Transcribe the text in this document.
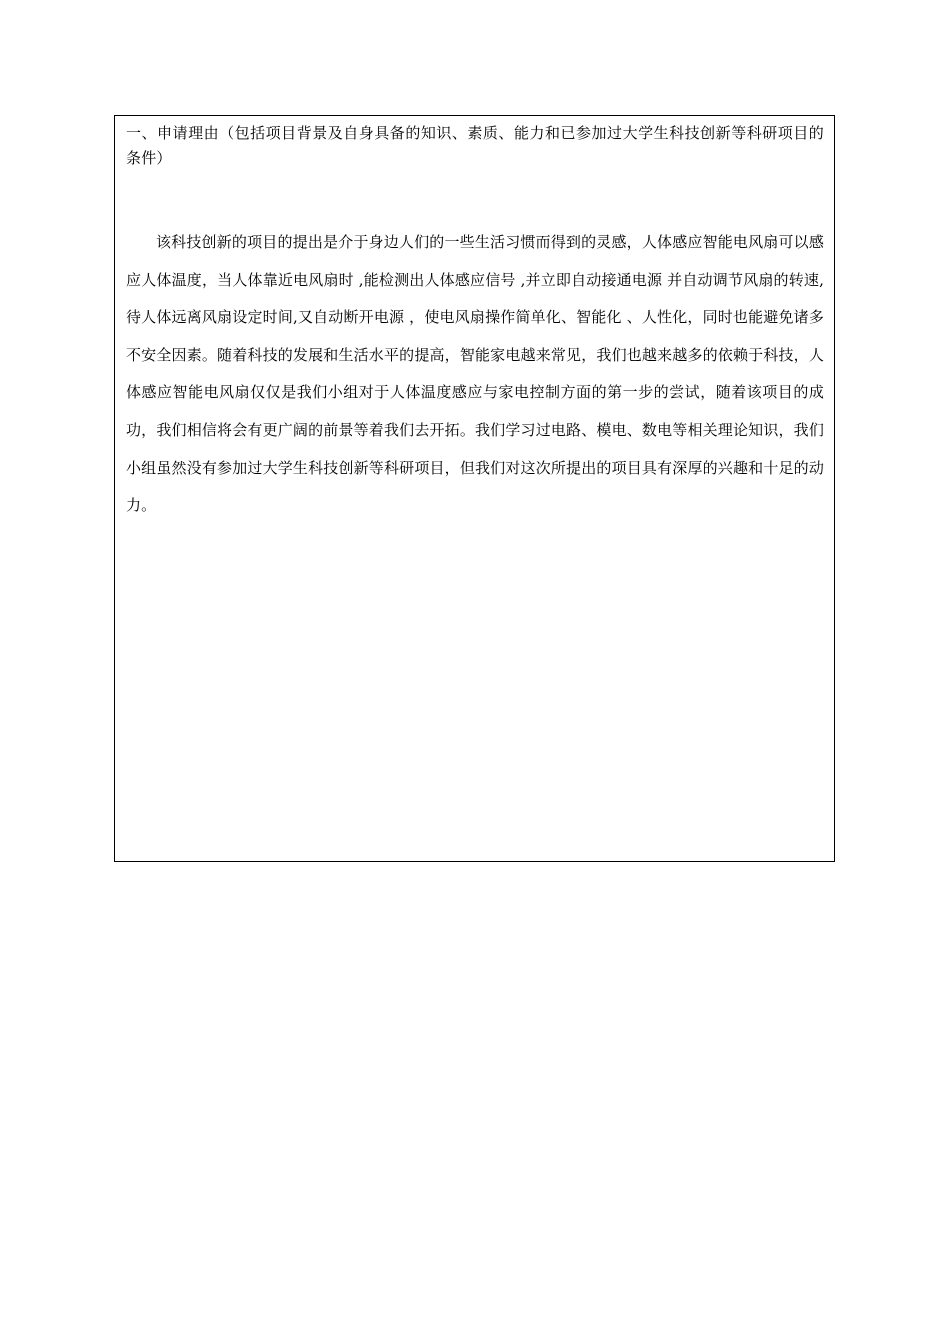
一、申请理由（包括项目背景及自身具备的知识、素质、能力和已参加过大学生科技创新等科研项目的条件）

该科技创新的项目的提出是介于身边人们的一些生活习惯而得到的灵感，人体感应智能电风扇可以感应人体温度，当人体靠近电风扇时 ,能检测出人体感应信号 ,并立即自动接通电源 并自动调节风扇的转速,待人体远离风扇设定时间,又自动断开电源 ，使电风扇操作简单化、智能化 、人性化，同时也能避免诸多不安全因素。随着科技的发展和生活水平的提高，智能家电越来常见，我们也越来越多的依赖于科技，人体感应智能电风扇仅仅是我们小组对于人体温度感应与家电控制方面的第一步的尝试，随着该项目的成功，我们相信将会有更广阔的前景等着我们去开拓。我们学习过电路、模电、数电等相关理论知识，我们小组虽然没有参加过大学生科技创新等科研项目，但我们对这次所提出的项目具有深厚的兴趣和十足的动力。
